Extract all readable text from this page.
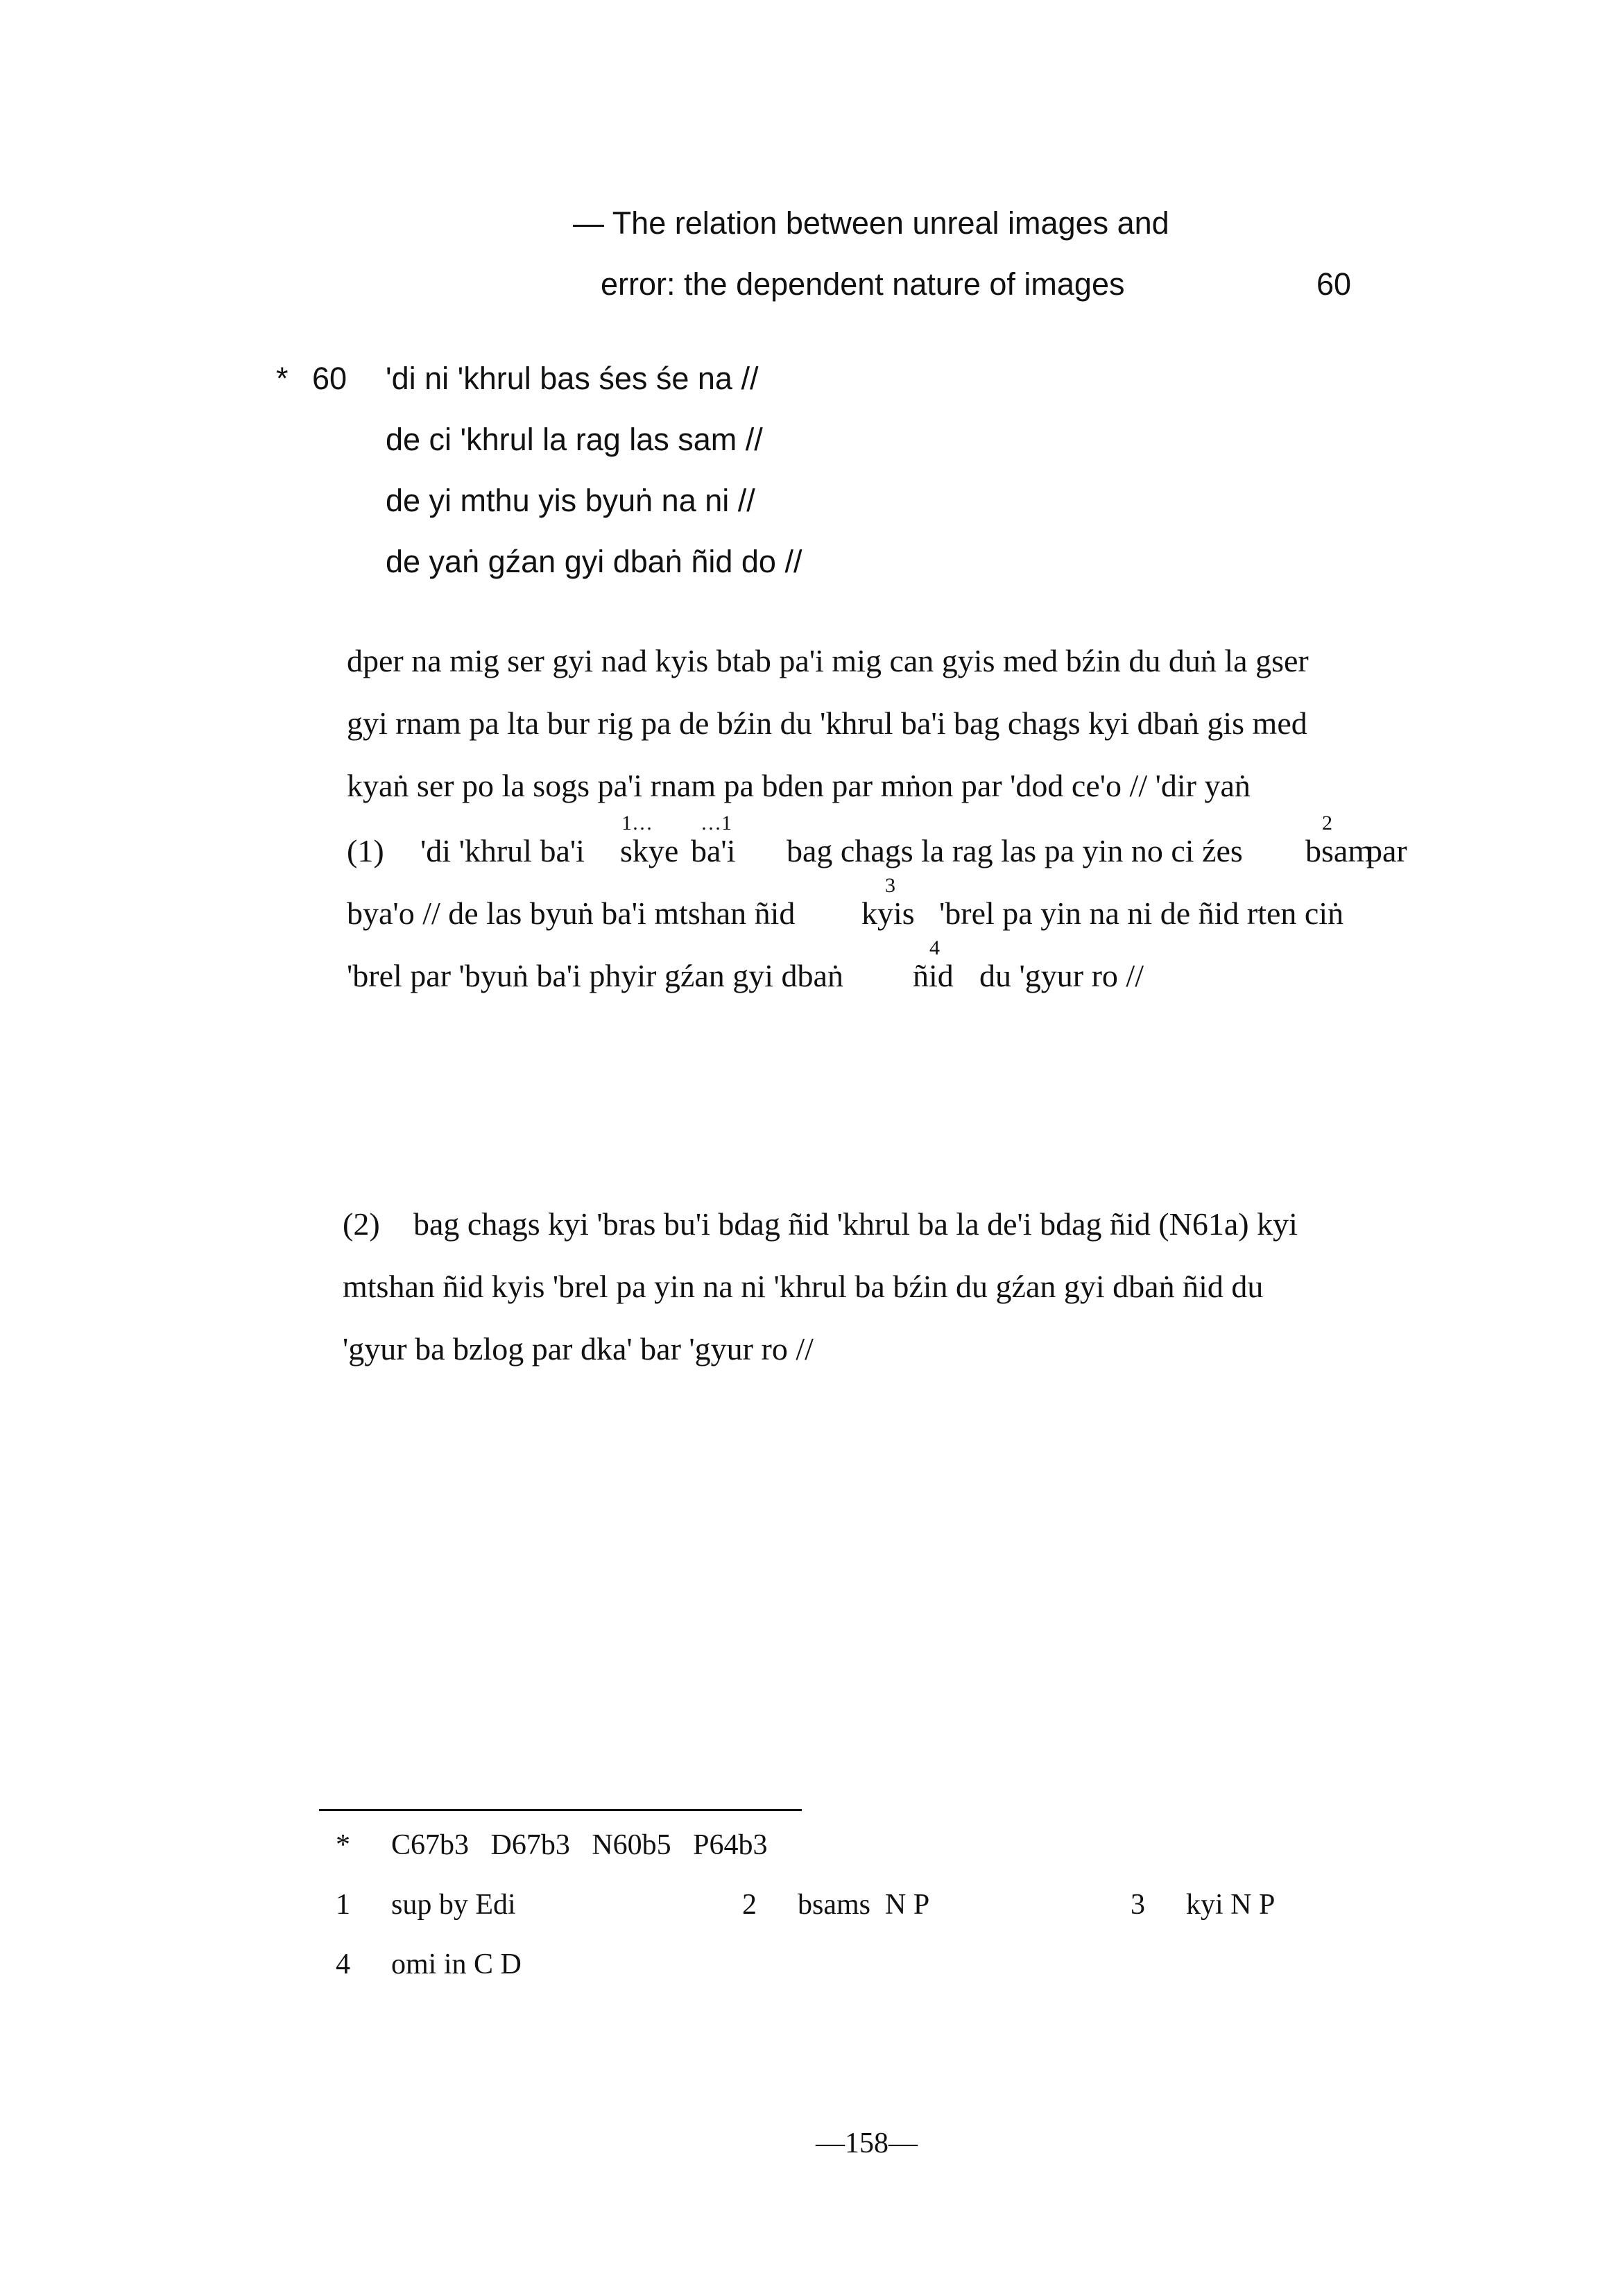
— The relation between unreal images and
error: the dependent nature of images	60
* 60 'di ni 'khrul bas śes śe na //
de ci 'khrul la rag las sam //
de yi mthu yis byuṅ na ni //
de yaṅ gźan gyi dbaṅ ñid do //
dper na mig ser gyi nad kyis btab pa'i mig can gyis med bźin du duṅ la gser
gyi rnam pa lta bur rig pa de bźin du 'khrul ba'i bag chags kyi dbaṅ gis med
kyaṅ ser po la sogs pa'i rnam pa bden par mṅon par 'dod ce'o // 'dir yaṅ
(1) 'di 'khrul ba'i skye ba'i bag chags la rag las pa yin no ci źes bsam
par
1… …1	2
bya'o // de las byuṅ ba'i mtshan ñid kyis 'brel pa yin na ni de ñid rten ciṅ
3
'brel par 'byuṅ ba'i phyir gźan gyi dbaṅ ñid du 'gyur ro //
4
(2) bag chags kyi 'bras bu'i bdag ñid 'khrul ba la de'i bdag ñid (N61a) kyi
mtshan ñid kyis 'brel pa yin na ni 'khrul ba bźin du gźan gyi dbaṅ ñid du
'gyur ba bzlog par dka' bar 'gyur ro //
* C67b3   D67b3   N60b5   P64b3
1 sup by Edi	2 bsams  N P	3 kyi N P
4 omi in C D
—158—
